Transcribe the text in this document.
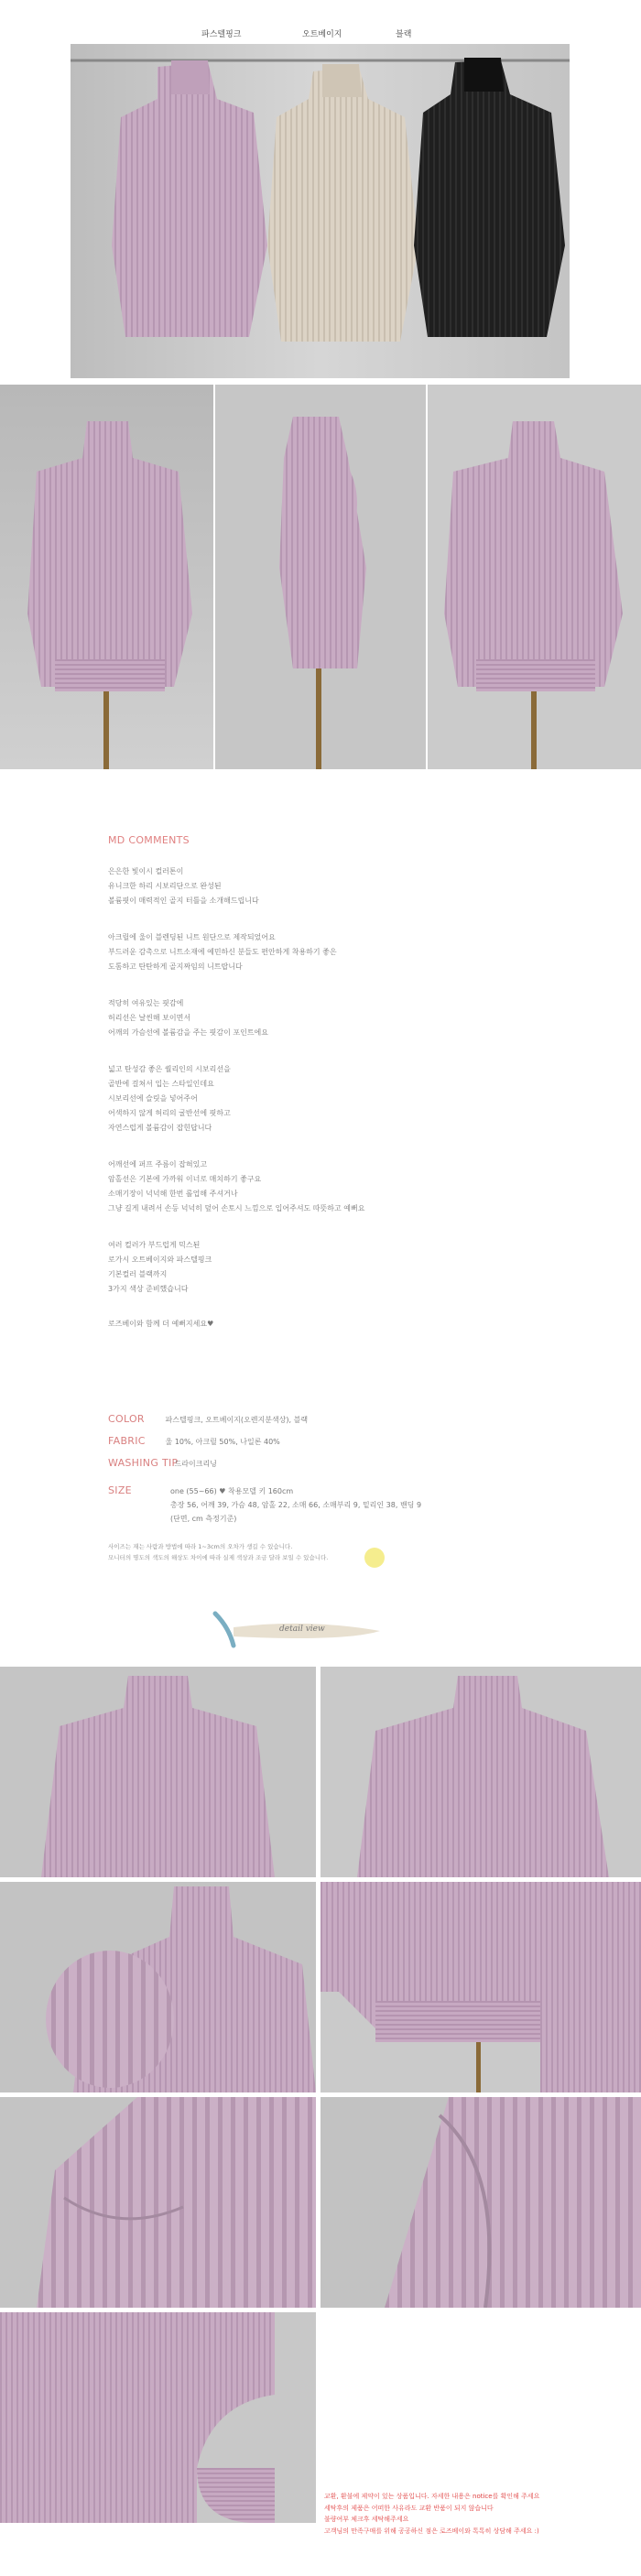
파스텔핑크	오트베이지	블랙
MD COMMENTS
은은한 빛이시 컬러톤이
유니크한 하리 시보리단으로 완성된
볼륨핏이 매력적인 골지 터틀을 소개해드립니다
아크릴에 울이 블렌딩된 니트 원단으로 제작되었어요
부드러운 감촉으로 니트소재에 예민하신 분들도 편안하게 착용하기 좋은
도톰하고 탄탄하게 골지짜임의 니트랍니다
적당히 여유있는 핏감에
허리선은 날씬해 보이면서
어깨의 가슴선에 볼륨감을 주는 핏감이 포인트에요
넓고 탄성감 좋은 퀄리인의 시보리선을
골반에 걸쳐서 입는 스타일인데요
시보리선에 슬릿을 넣어주어
어색하지 않게 허리의 굴반선에 핏하고
자연스럽게 볼륨감이 잡힌답니다
어깨선에 퍼프 주름이 잡혀있고
암홀선은 기본에 가까워 이너로 매치하기 좋구요
소매기장이 넉넉해 한번 롤업해 주셔거나
그냥 길게 내려서 손등 넉넉히 덮어 손토시 느낌으로 입어주셔도 따뜻하고 예뻐요
여러 컬러가 부드럽게 믹스된
로가시 오트베이지와 파스텔핑크
기본컬러 블랙까지
3가지 색상 준비했습니다
로즈베이와 함께 더 예뻐지세요♥
COLOR	파스텔핑크, 오트베이지(오렌지분색상), 블랙
FABRIC	울 10%, 아크릴 50%, 나일론 40%
WASHING TIP 드라이크리닝
SIZE	one (55~66) ♥ 착용모델 키 160cm
총장 56, 어깨 39, 가슴 48, 암홀 22, 소매 66, 소매부리 9, 밑리인 38, 밴딩 9
(단면, cm 측정기준)
사이즈는 재는 사람과 방법에 따라 1~3cm의 오차가 생길 수 있습니다.
모니터의 명도의 색도의 해상도 차이에 따라 실제 색상과 조금 달라 보일 수 있습니다.
detail view
교환, 환불에 제약이 있는 상품입니다. 자세한 내용은 notice를 확인해 주세요
세탁후의 제품은 어떠한 사유라도 교환 반품이 되지 않습니다
불량여부 체크후 세탁해주세요
고객님의 만족구매를 위해 공공하신 점은 로즈베이와 톡톡히 상담해 주세요 :)
